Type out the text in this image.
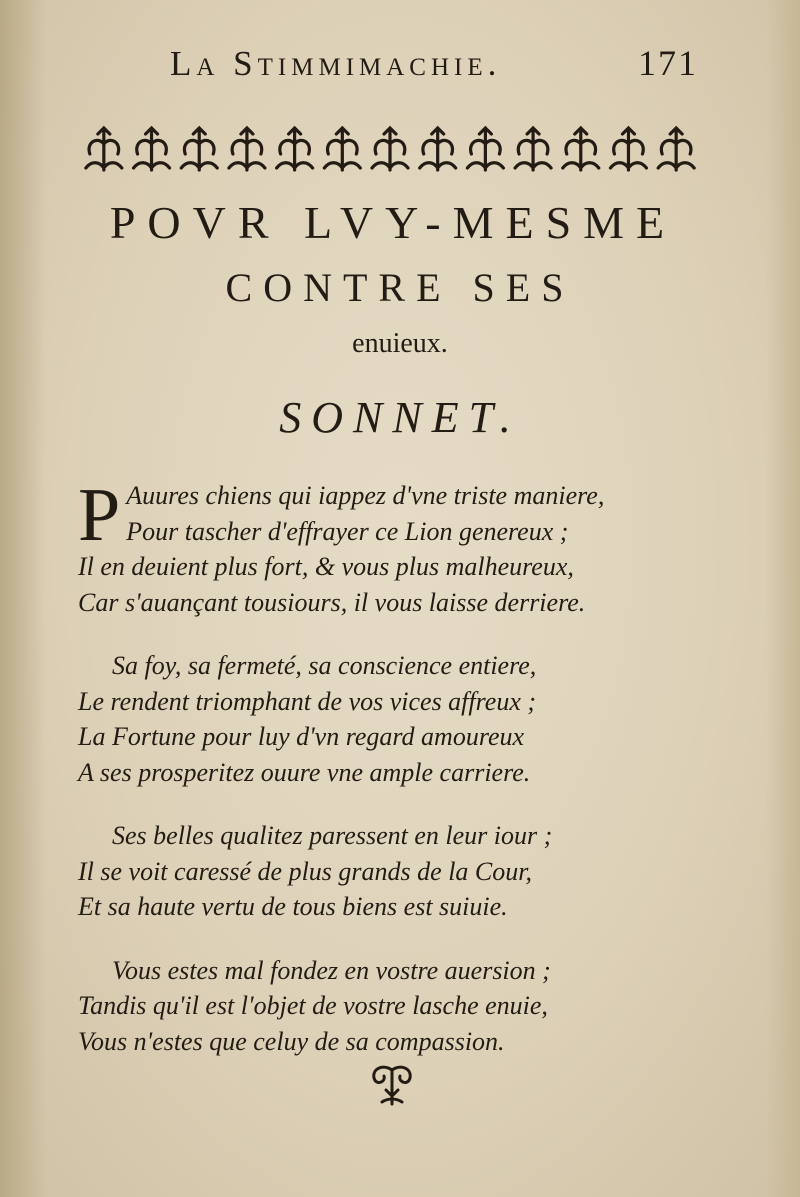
La Stimmimachie.	171
POVR LVY-MESME
CONTRE SES
enuieux.
SONNET.
P Auures chiens qui iappez d'vne triste maniere,
Pour tascher d'effrayer ce Lion genereux ;
Il en deuient plus fort, & vous plus malheureux,
Car s'auançant tousiours, il vous laisse derriere.
Sa foy, sa fermeté, sa conscience entiere,
Le rendent triomphant de vos vices affreux ;
La Fortune pour luy d'vn regard amoureux
A ses prosperitez ouure vne ample carriere.
Ses belles qualitez paressent en leur iour ;
Il se voit caressé de plus grands de la Cour,
Et sa haute vertu de tous biens est suiuie.
Vous estes mal fondez en vostre auersion ;
Tandis qu'il est l'objet de vostre lasche enuie,
Vous n'estes que celuy de sa compassion.
